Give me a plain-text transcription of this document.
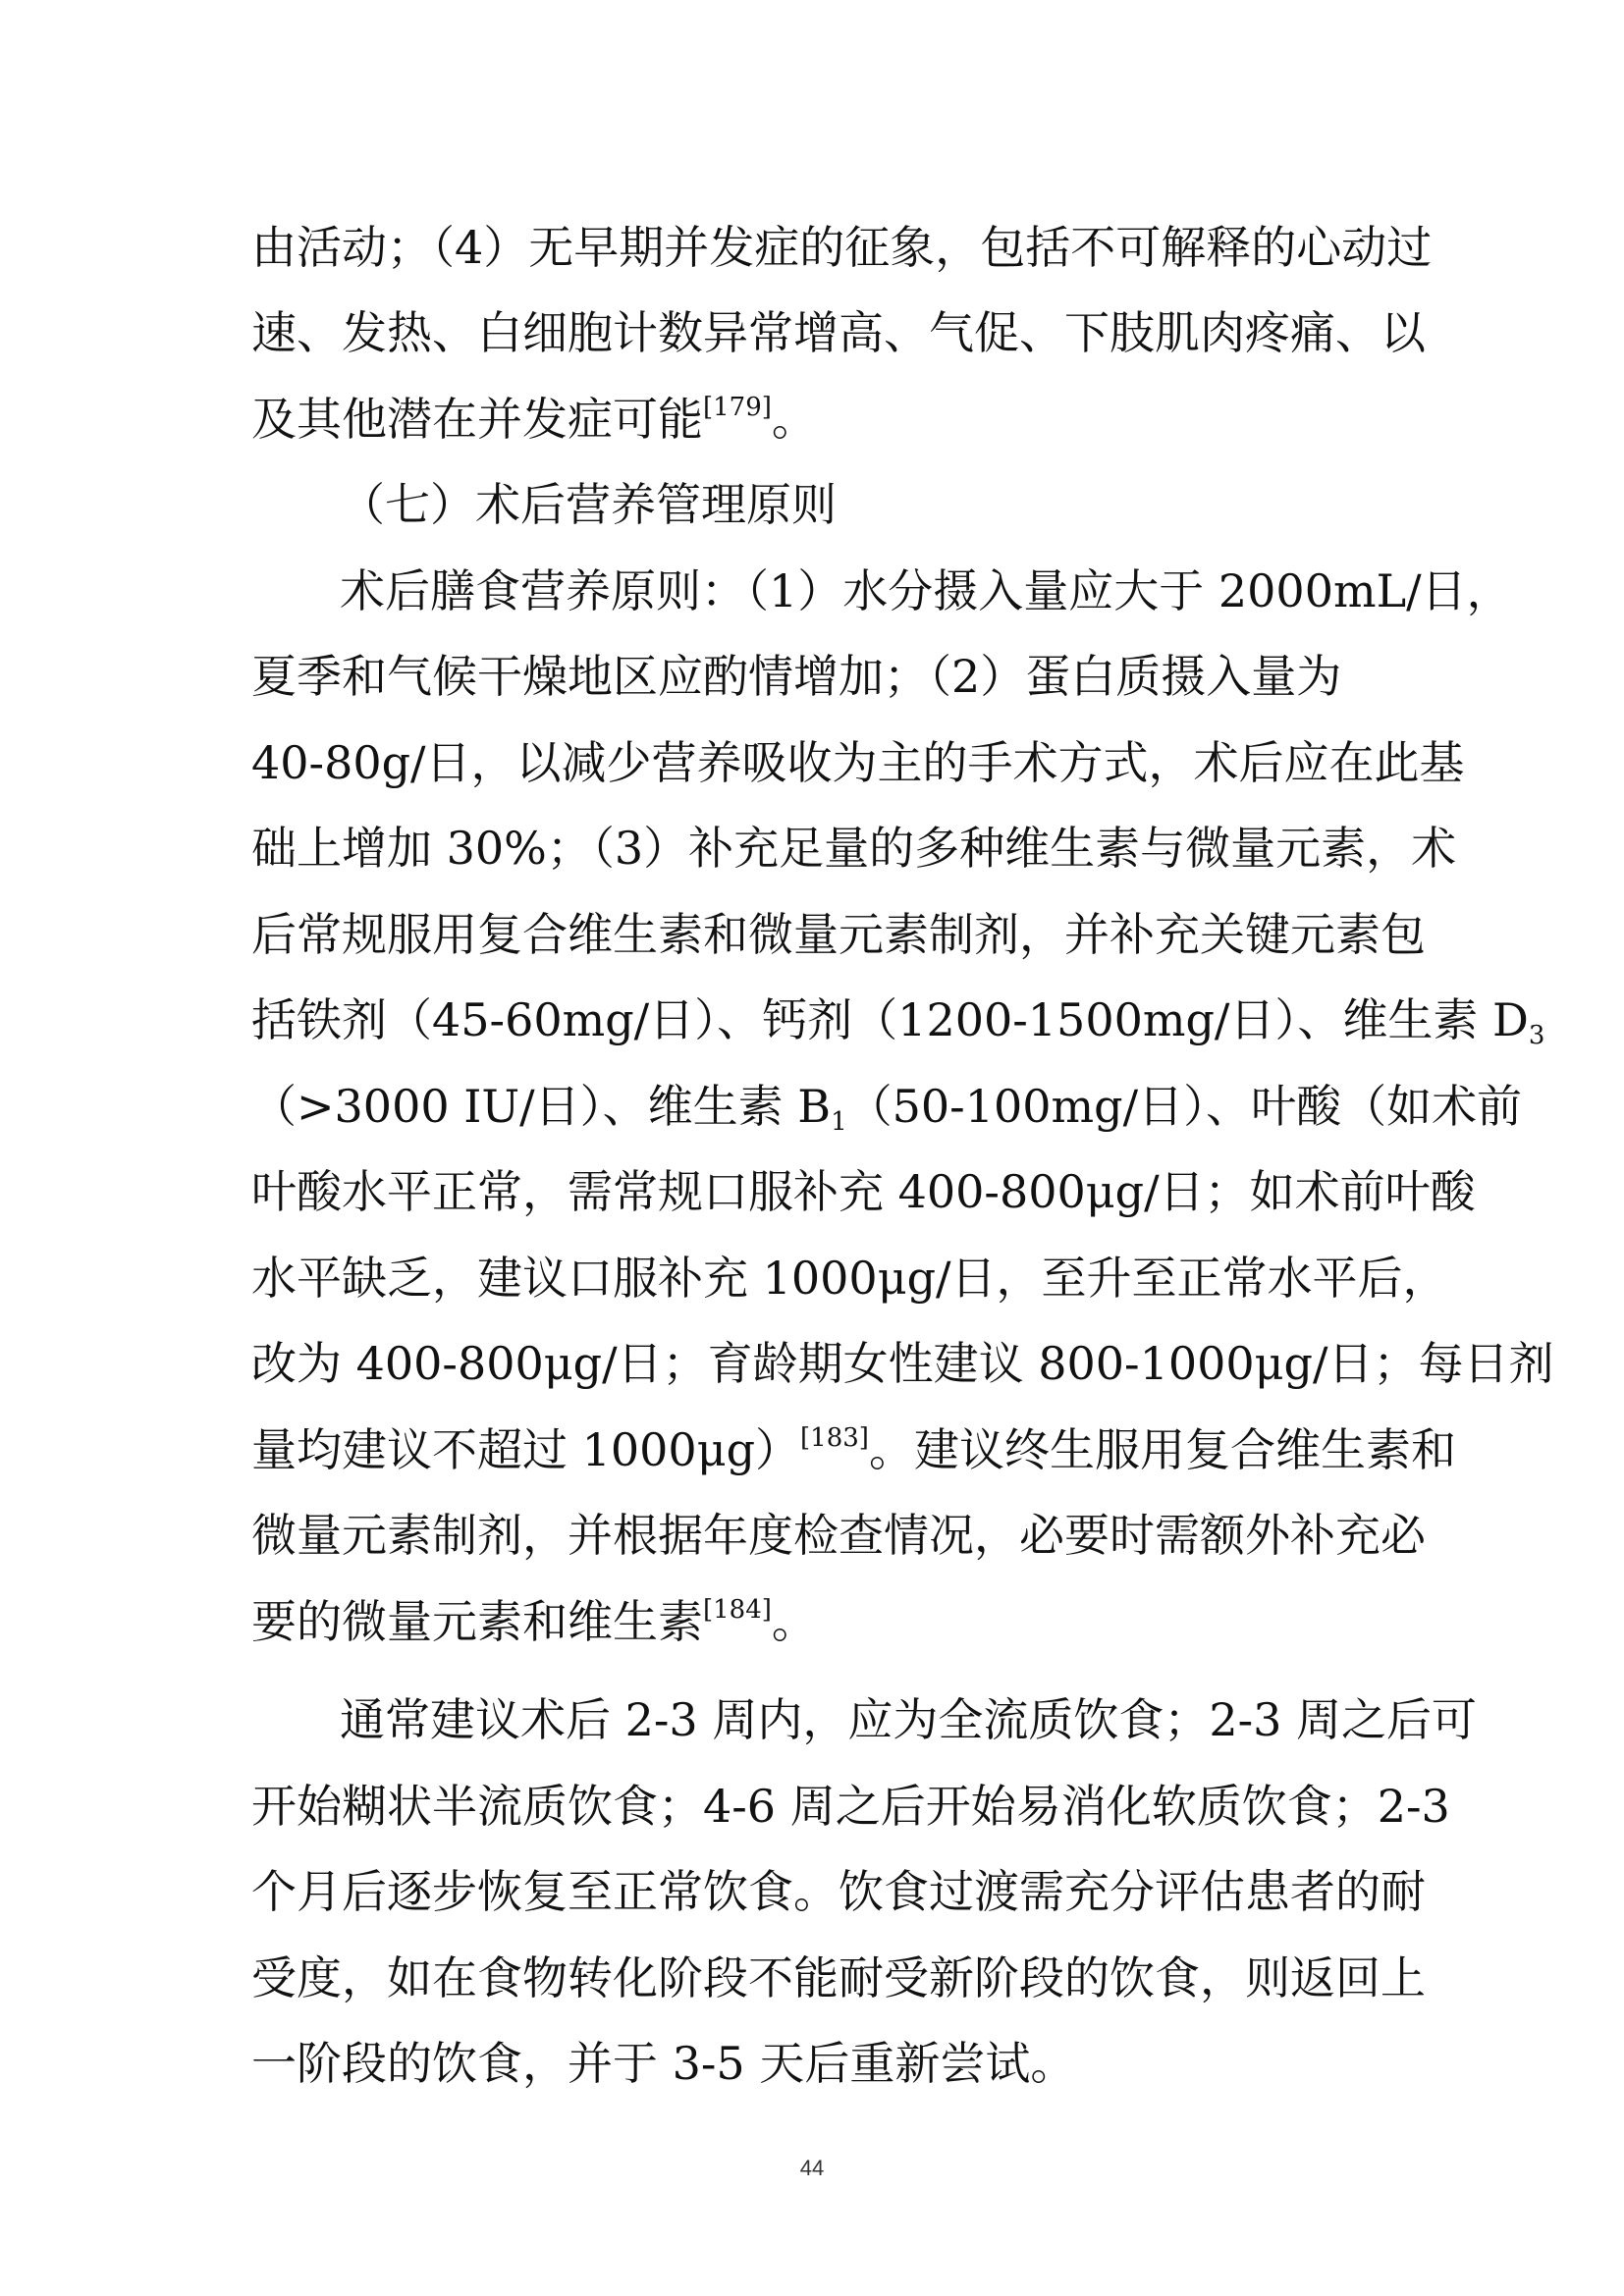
由活动；（4）无早期并发症的征象，包括不可解释的心动过
速、发热、白细胞计数异常增高、气促、下肢肌肉疼痛、以
及其他潜在并发症可能[179]。
（七）术后营养管理原则
术后膳食营养原则：（1）水分摄入量应大于 2000mL/日，
夏季和气候干燥地区应酌情增加；（2）蛋白质摄入量为
40-80g/日，以减少营养吸收为主的手术方式，术后应在此基
础上增加 30%；（3）补充足量的多种维生素与微量元素，术
后常规服用复合维生素和微量元素制剂，并补充关键元素包
括铁剂（45-60mg/日）、钙剂（1200-1500mg/日）、维生素 $D_3$
（>3000 IU/日）、维生素 $B_1(50-100mg/$日）、叶酸（如术前
叶酸水平正常，需常规口服补充 400-800μg/日；如术前叶酸
水平缺乏，建议口服补充 1000μg/日，至升至正常水平后，
改为 400-800μg/日；育龄期女性建议 800-1000μg/日；每日剂
量均建议不超过 1000μg）[183]。建议终生服用复合维生素和
微量元素制剂，并根据年度检查情况，必要时需额外补充必
要的微量元素和维生素[184]。
通常建议术后 2-3 周内，应为全流质饮食；2-3 周之后可
开始糊状半流质饮食；4-6 周之后开始易消化软质饮食；2-3
个月后逐步恢复至正常饮食。饮食过渡需充分评估患者的耐
受度，如在食物转化阶段不能耐受新阶段的饮食，则返回上
一阶段的饮食，并于 3-5 天后重新尝试。
44
